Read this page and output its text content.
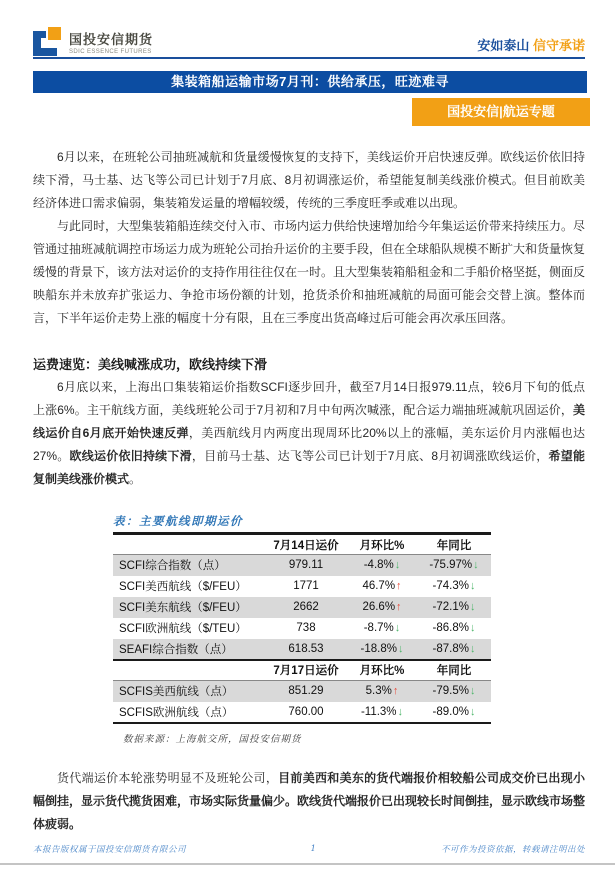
国投安信期货
SDIC ESSENCE FUTURES	安如泰山 信守承诺
集装箱船运输市场7月刊：供给承压，旺迹难寻
国投安信|航运专题

6月以来，在班轮公司抽班减航和货量缓慢恢复的支持下，美线运价开启快速反弹。欧线运价依旧持续下滑，马士基、达飞等公司已计划于7月底、8月初调涨运价，希望能复制美线涨价模式。但目前欧美经济体进口需求偏弱，集装箱发运量的增幅较缓，传统的三季度旺季或难以出现。

与此同时，大型集装箱船连续交付入市、市场内运力供给快速增加给今年集运运价带来持续压力。尽管通过抽班减航调控市场运力成为班轮公司抬升运价的主要手段，但在全球船队规模不断扩大和货量恢复缓慢的背景下，该方法对运价的支持作用往往仅在一时。且大型集装箱船租金和二手船价格坚挺，侧面反映船东并未放弃扩张运力、争抢市场份额的计划，抢货杀价和抽班减航的局面可能会交替上演。整体而言，下半年运价走势上涨的幅度十分有限，且在三季度出货高峰过后可能会再次承压回落。

运费速览：美线喊涨成功，欧线持续下滑

6月底以来，上海出口集装箱运价指数SCFI逐步回升，截至7月14日报979.11点，较6月下旬的低点上涨6%。主干航线方面，美线班轮公司于7月初和7月中旬两次喊涨，配合运力端抽班减航巩固运价，美线运价自6月底开始快速反弹，美西航线月内两度出现周环比20%以上的涨幅，美东运价月内涨幅也达27%。欧线运价依旧持续下滑，目前马士基、达飞等公司已计划于7月底、8月初调涨欧线运价，希望能复制美线涨价模式。

表：主要航线即期运价
	7月14日运价	月环比%	年同比
SCFI综合指数（点）	979.11	-4.8%↓	-75.97%↓
SCFI美西航线（$/FEU）	1771	46.7%↑	-74.3%↓
SCFI美东航线（$/FEU）	2662	26.6%↑	-72.1%↓
SCFI欧洲航线（$/TEU）	738	-8.7%↓	-86.8%↓
SEAFI综合指数（点）	618.53	-18.8%↓	-87.8%↓
	7月17日运价	月环比%	年同比
SCFIS美西航线（点）	851.29	5.3%↑	-79.5%↓
SCFIS欧洲航线（点）	760.00	-11.3%↓	-89.0%↓
数据来源：上海航交所，国投安信期货

货代端运价本轮涨势明显不及班轮公司，目前美西和美东的货代端报价相较船公司成交价已出现小幅倒挂，显示货代揽货困难，市场实际货量偏少。欧线货代端报价已出现较长时间倒挂，显示欧线市场整体疲弱。

本报告版权属于国投安信期货有限公司	1	不可作为投资依据，转载请注明出处
